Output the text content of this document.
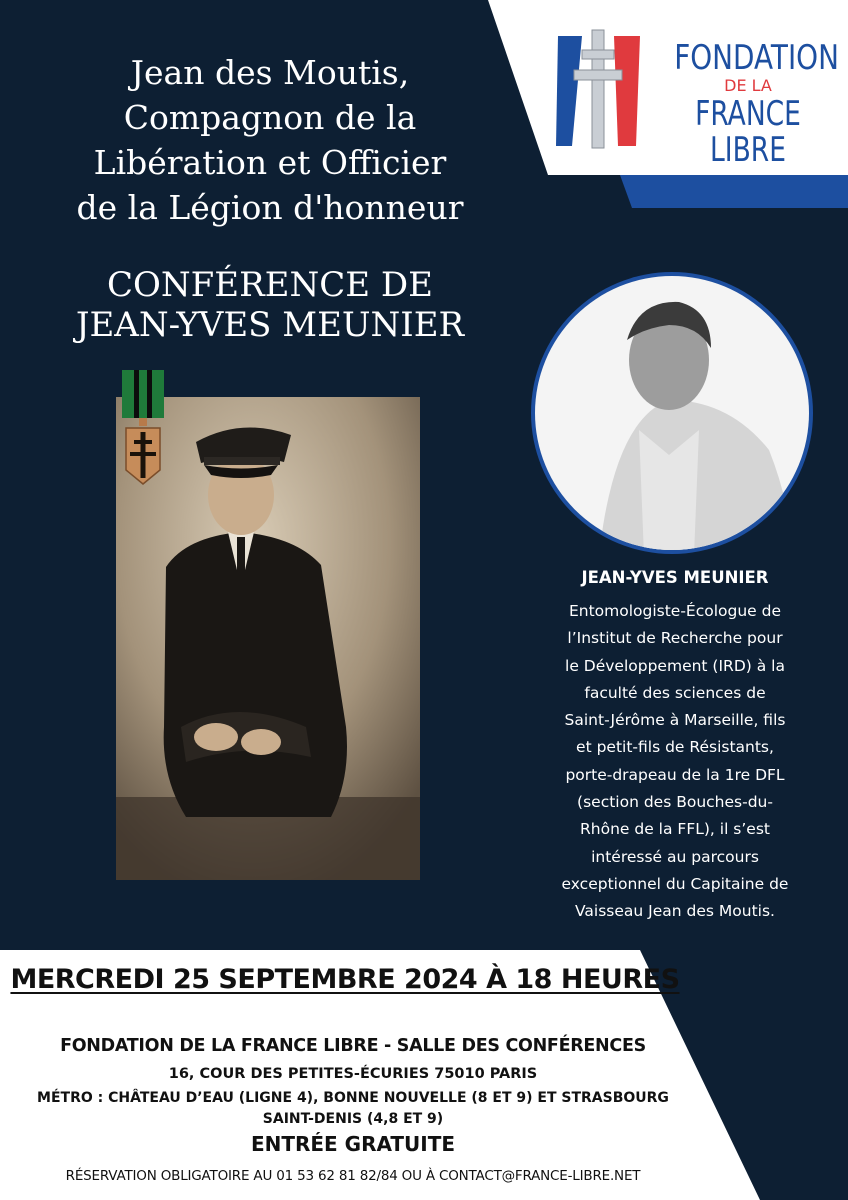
FONDATION
DE LA
FRANCE LIBRE
Jean des Moutis,
Compagnon de la
Libération et Officier
de la Légion d'honneur
CONFÉRENCE DE
JEAN-YVES MEUNIER

JEAN-YVES MEUNIER

Entomologiste-Écologue de
l’Institut de Recherche pour
le Développement (IRD) à la
faculté des sciences de
Saint-Jérôme à Marseille, fils
et petit-fils de Résistants,
porte-drapeau de la 1re DFL
(section des Bouches-du-
Rhône de la FFL), il s’est
intéressé au parcours
exceptionnel du Capitaine de
Vaisseau Jean des Moutis.

MERCREDI 25 SEPTEMBRE 2024 À 18 HEURES

FONDATION DE LA FRANCE LIBRE - SALLE DES CONFÉRENCES

16, COUR DES PETITES-ÉCURIES 75010 PARIS

MÉTRO : CHÂTEAU D’EAU (LIGNE 4), BONNE NOUVELLE (8 ET 9) ET STRASBOURG
SAINT-DENIS (4,8 ET 9)

ENTRÉE GRATUITE

RÉSERVATION OBLIGATOIRE AU 01 53 62 81 82/84 OU À CONTACT@FRANCE-LIBRE.NET
